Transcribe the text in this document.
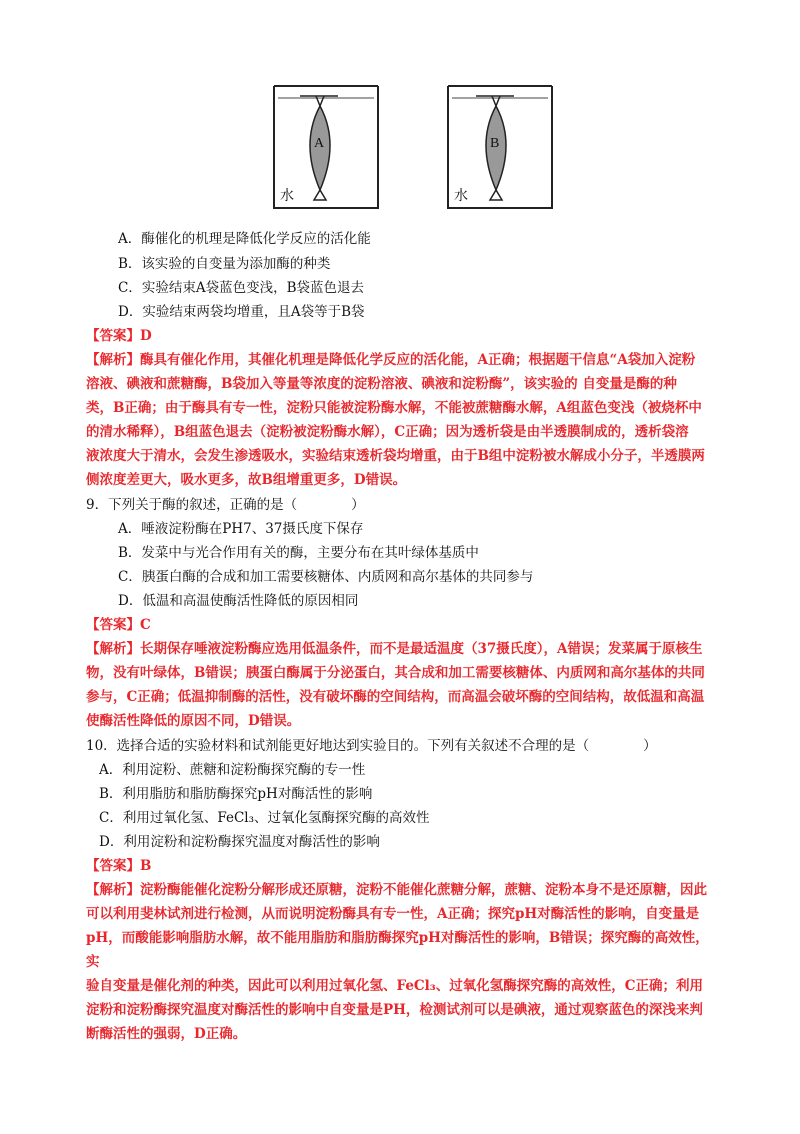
A
水
B
水
A．酶催化的机理是降低化学反应的活化能
B．该实验的自变量为添加酶的种类
C．实验结束A袋蓝色变浅，B袋蓝色退去
D．实验结束两袋均增重，且A袋等于B袋
【答案】D
【解析】酶具有催化作用，其催化机理是降低化学反应的活化能，A正确；根据题干信息“A袋加入淀粉
溶液、碘液和蔗糖酶，B袋加入等量等浓度的淀粉溶液、碘液和淀粉酶”，该实验的 自变量是酶的种
类，B正确；由于酶具有专一性，淀粉只能被淀粉酶水解，不能被蔗糖酶水解，A组蓝色变浅（被烧杯中
的清水稀释），B组蓝色退去（淀粉被淀粉酶水解），C正确；因为透析袋是由半透膜制成的，透析袋溶
液浓度大于清水，会发生渗透吸水，实验结束透析袋均增重，由于B组中淀粉被水解成小分子，半透膜两
侧浓度差更大，吸水更多，故B组增重更多，D错误。
9．下列关于酶的叙述，正确的是（　　　　）
A．唾液淀粉酶在PH7、37摄氏度下保存
B．发菜中与光合作用有关的酶，主要分布在其叶绿体基质中
C．胰蛋白酶的合成和加工需要核糖体、内质网和高尔基体的共同参与
D．低温和高温使酶活性降低的原因相同
【答案】C
【解析】长期保存唾液淀粉酶应选用低温条件，而不是最适温度（37摄氏度），A错误；发菜属于原核生
物，没有叶绿体，B错误；胰蛋白酶属于分泌蛋白，其合成和加工需要核糖体、内质网和高尔基体的共同
参与，C正确；低温抑制酶的活性，没有破坏酶的空间结构，而高温会破坏酶的空间结构，故低温和高温
使酶活性降低的原因不同，D错误。
10．选择合适的实验材料和试剂能更好地达到实验目的。下列有关叙述不合理的是（　　　　）
A．利用淀粉、蔗糖和淀粉酶探究酶的专一性
B．利用脂肪和脂肪酶探究pH对酶活性的影响
C．利用过氧化氢、FeCl₃、过氧化氢酶探究酶的高效性
D．利用淀粉和淀粉酶探究温度对酶活性的影响
【答案】B
【解析】淀粉酶能催化淀粉分解形成还原糖，淀粉不能催化蔗糖分解，蔗糖、淀粉本身不是还原糖，因此
可以利用斐林试剂进行检测，从而说明淀粉酶具有专一性，A正确；探究pH对酶活性的影响，自变量是
pH，而酸能影响脂肪水解，故不能用脂肪和脂肪酶探究pH对酶活性的影响，B错误；探究酶的高效性，
实
验自变量是催化剂的种类，因此可以利用过氧化氢、FeCl₃、过氧化氢酶探究酶的高效性，C正确；利用
淀粉和淀粉酶探究温度对酶活性的影响中自变量是PH，检测试剂可以是碘液，通过观察蓝色的深浅来判
断酶活性的强弱，D正确。
